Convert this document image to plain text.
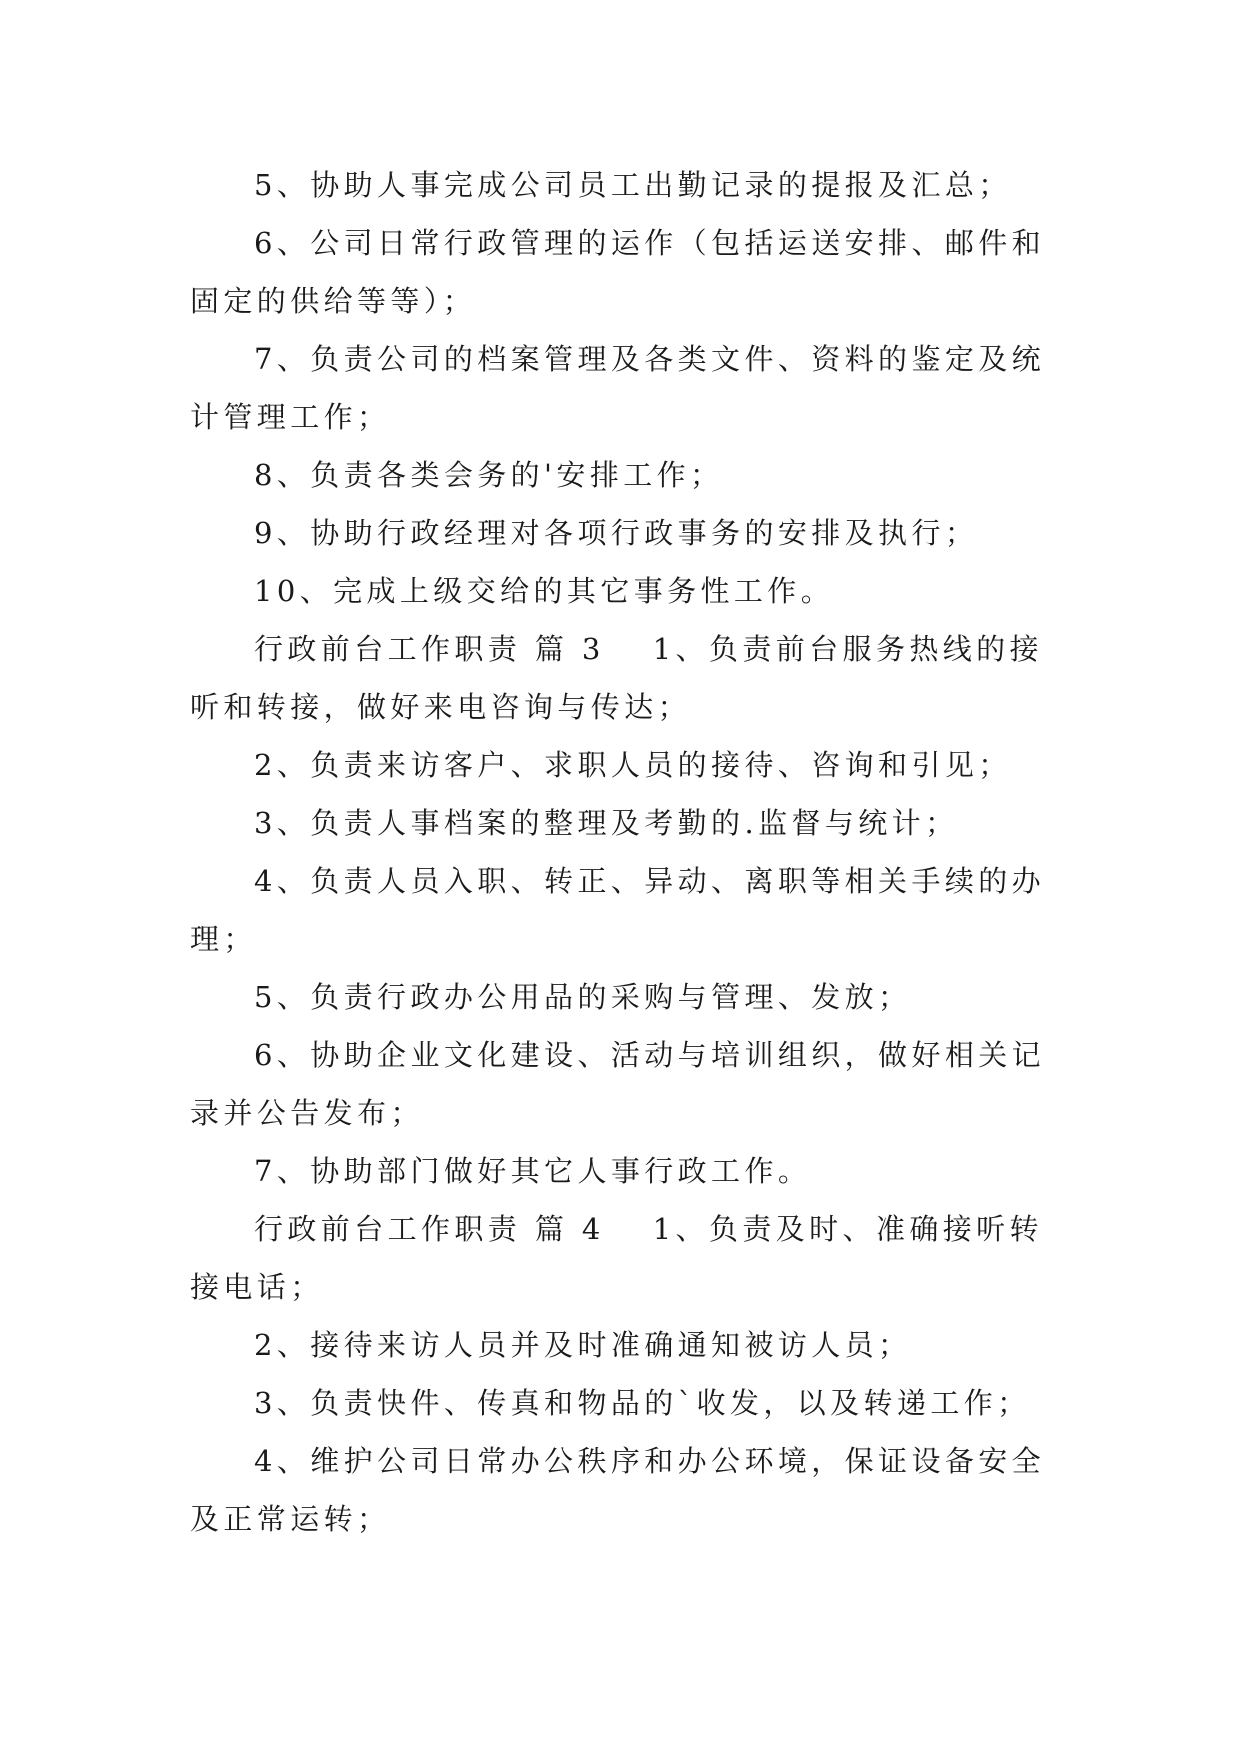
5、协助人事完成公司员工出勤记录的提报及汇总；

6、公司日常行政管理的运作（包括运送安排、邮件和固定的供给等等）；

7、负责公司的档案管理及各类文件、资料的鉴定及统计管理工作；

8、负责各类会务的'安排工作；

9、协助行政经理对各项行政事务的安排及执行；

10、完成上级交给的其它事务性工作。

行政前台工作职责 篇 3 1、负责前台服务热线的接听和转接，做好来电咨询与传达；

2、负责来访客户、求职人员的接待、咨询和引见；

3、负责人事档案的整理及考勤的.监督与统计；

4、负责人员入职、转正、异动、离职等相关手续的办理；

5、负责行政办公用品的采购与管理、发放；

6、协助企业文化建设、活动与培训组织，做好相关记录并公告发布；

7、协助部门做好其它人事行政工作。

行政前台工作职责 篇 4 1、负责及时、准确接听转接电话；

2、接待来访人员并及时准确通知被访人员；

3、负责快件、传真和物品的`收发，以及转递工作；

4、维护公司日常办公秩序和办公环境，保证设备安全及正常运转；
